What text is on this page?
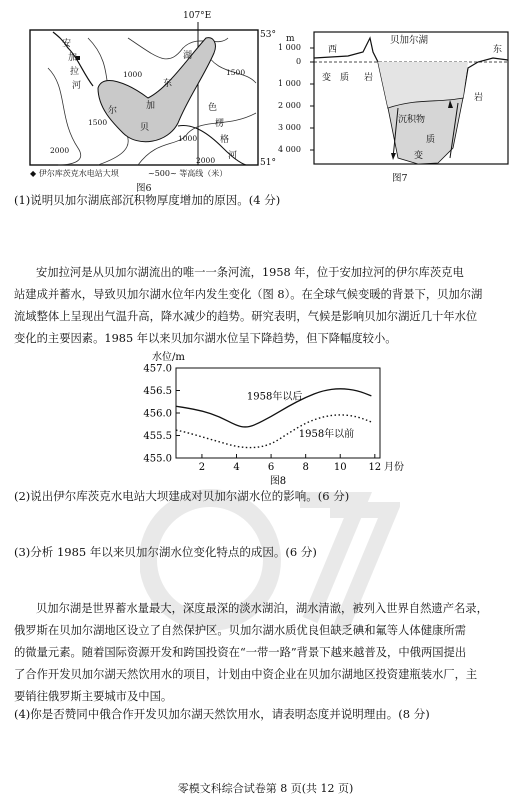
107°E
53°
51°
安
加
拉
河
贝
湖
东
加
尔	色
楞
格
河
1000
1000
1500
1500
2000
2000
◆ 伊尔库茨克水电站大坝	~500~ 等高线（米）
图6
m	贝加尔湖
西	东
1 000
0
1 000
2 000
3 000
4 000
变 质 岩
岩
沉积物
质
变
图7
(1)说明贝加尔湖底部沉积物厚度增加的原因。(4 分)
安加拉河是从贝加尔湖流出的唯一一条河流，1958 年，位于安加拉河的伊尔库茨克电
站建成并蓄水，导致贝加尔湖水位年内发生变化（图 8）。在全球气候变暖的背景下，贝加尔湖
流域整体上呈现出气温升高，降水减少的趋势。研究表明，气候是影响贝加尔湖近几十年水位
变化的主要因素。1985 年以来贝加尔湖水位呈下降趋势，但下降幅度较小。
457.0
456.5
456.0
455.5
455.0
2	4	6	8	10 12
水位/m
月份
图8
1958年以后
1958年以前
(2)说出伊尔库茨克水电站大坝建成对贝加尔湖水位的影响。(6 分)
(3)分析 1985 年以来贝加尔湖水位变化特点的成因。(6 分)
贝加尔湖是世界蓄水量最大，深度最深的淡水湖泊，湖水清澈，被列入世界自然遗产名录，
俄罗斯在贝加尔湖地区设立了自然保护区。贝加尔湖水质优良但缺乏碘和氟等人体健康所需
的微量元素。随着国际资源开发和跨国投资在“一带一路”背景下越来越普及，中俄两国提出
了合作开发贝加尔湖天然饮用水的项目，计划由中资企业在贝加尔湖地区投资建瓶装水厂，主
要销往俄罗斯主要城市及中国。
(4)你是否赞同中俄合作开发贝加尔湖天然饮用水，请表明态度并说明理由。(8 分)
零模文科综合试卷第 8 页(共 12 页)
